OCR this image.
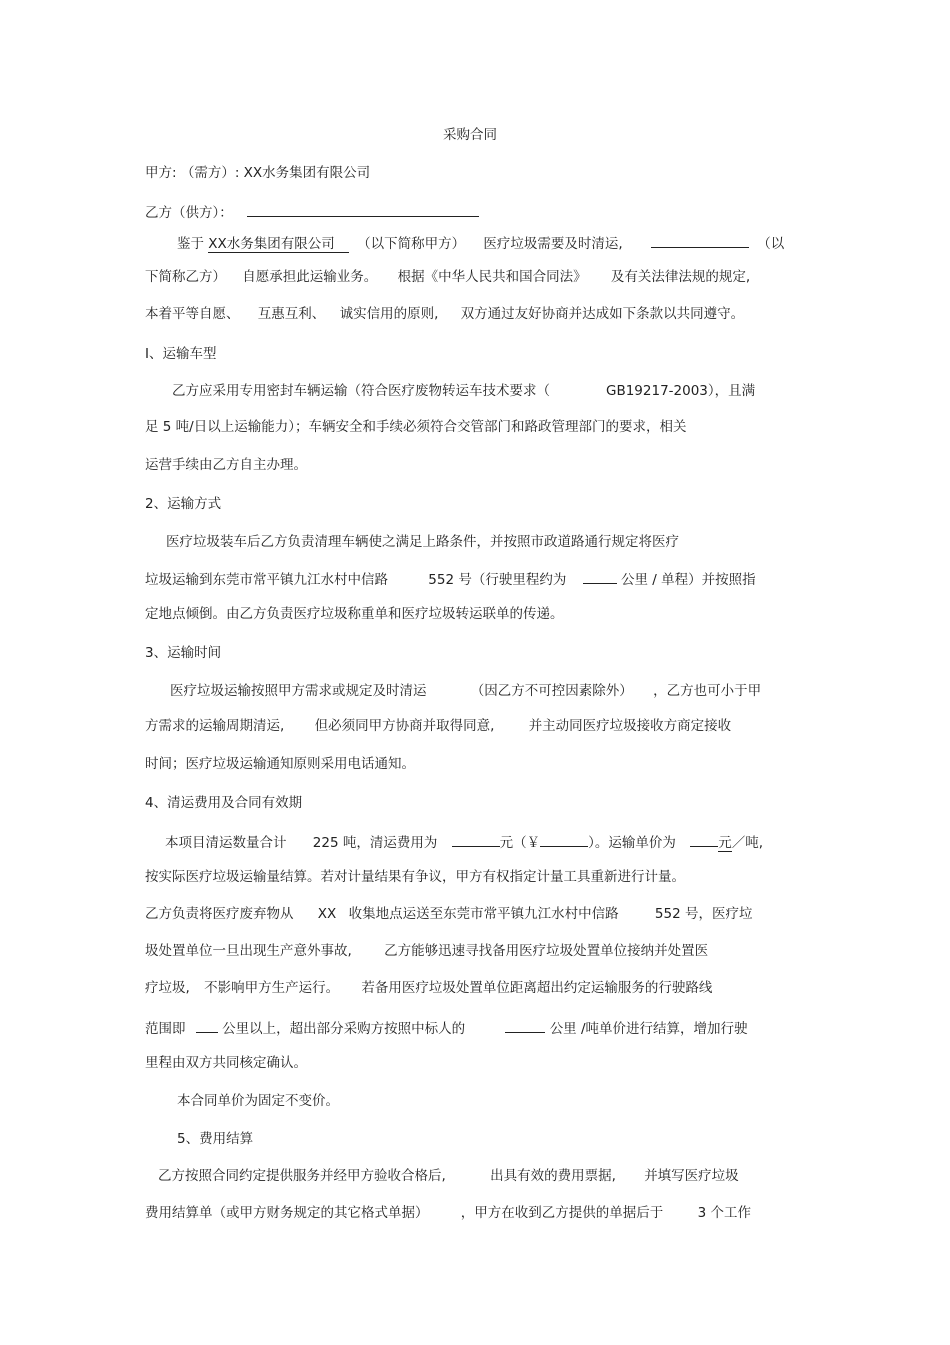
采购合同
甲方: （需方）: XX水务集团有限公司
乙方（供方）：
鉴于 XX水务集团有限公司 （以下简称甲方） 医疗垃圾需要及时清运,	（以
下简称乙方） 自愿承担此运输业务。 根据《中华人民共和国合同法》 及有关法律法规的规定,
本着平等自愿、 互惠互利、 诚实信用的原则, 双方通过友好协商并达成如下条款以共同遵守。
I、运输车型
乙方应采用专用密封车辆运输（符合医疗废物转运车技术要求（	GB19217-2003），且满
足 5 吨/日以上运输能力）；车辆安全和手续必须符合交管部门和路政管理部门的要求，相关
运营手续由乙方自主办理。
2、运输方式
医疗垃圾装车后乙方负责清理车辆使之满足上路条件，并按照市政道路通行规定将医疗
垃圾运输到东莞市常平镇九江水村中信路	552 号（行驶里程约为	公里 / 单程）并按照指
定地点倾倒。由乙方负责医疗垃圾称重单和医疗垃圾转运联单的传递。
3、运输时间
医疗垃圾运输按照甲方需求或规定及时清运	（因乙方不可控因素除外） ，乙方也可小于甲
方需求的运输周期清运, 但必须同甲方协商并取得同意,	并主动同医疗垃圾接收方商定接收
时间；医疗垃圾运输通知原则采用电话通知。
4、清运费用及合同有效期
本项目清运数量合计 225 吨，清运费用为	元（￥	）。运输单价为	元／吨,
按实际医疗垃圾运输量结算。若对计量结果有争议，甲方有权指定计量工具重新进行计量。
乙方负责将医疗废弃物从 XX 收集地点运送至东莞市常平镇九江水村中信路	552 号，医疗垃
圾处置单位一旦出现生产意外事故, 乙方能够迅速寻找备用医疗垃圾处置单位接纳并处置医
疗垃圾, 不影响甲方生产运行。 若备用医疗垃圾处置单位距离超出约定运输服务的行驶路线
范围即	公里以上，超出部分采购方按照中标人的	公里 /吨单价进行结算，增加行驶
里程由双方共同核定确认。
本合同单价为固定不变价。
5、费用结算
乙方按照合同约定提供服务并经甲方验收合格后,	出具有效的费用票据, 并填写医疗垃圾
费用结算单（或甲方财务规定的其它格式单据） ，甲方在收到乙方提供的单据后于	3 个工作
